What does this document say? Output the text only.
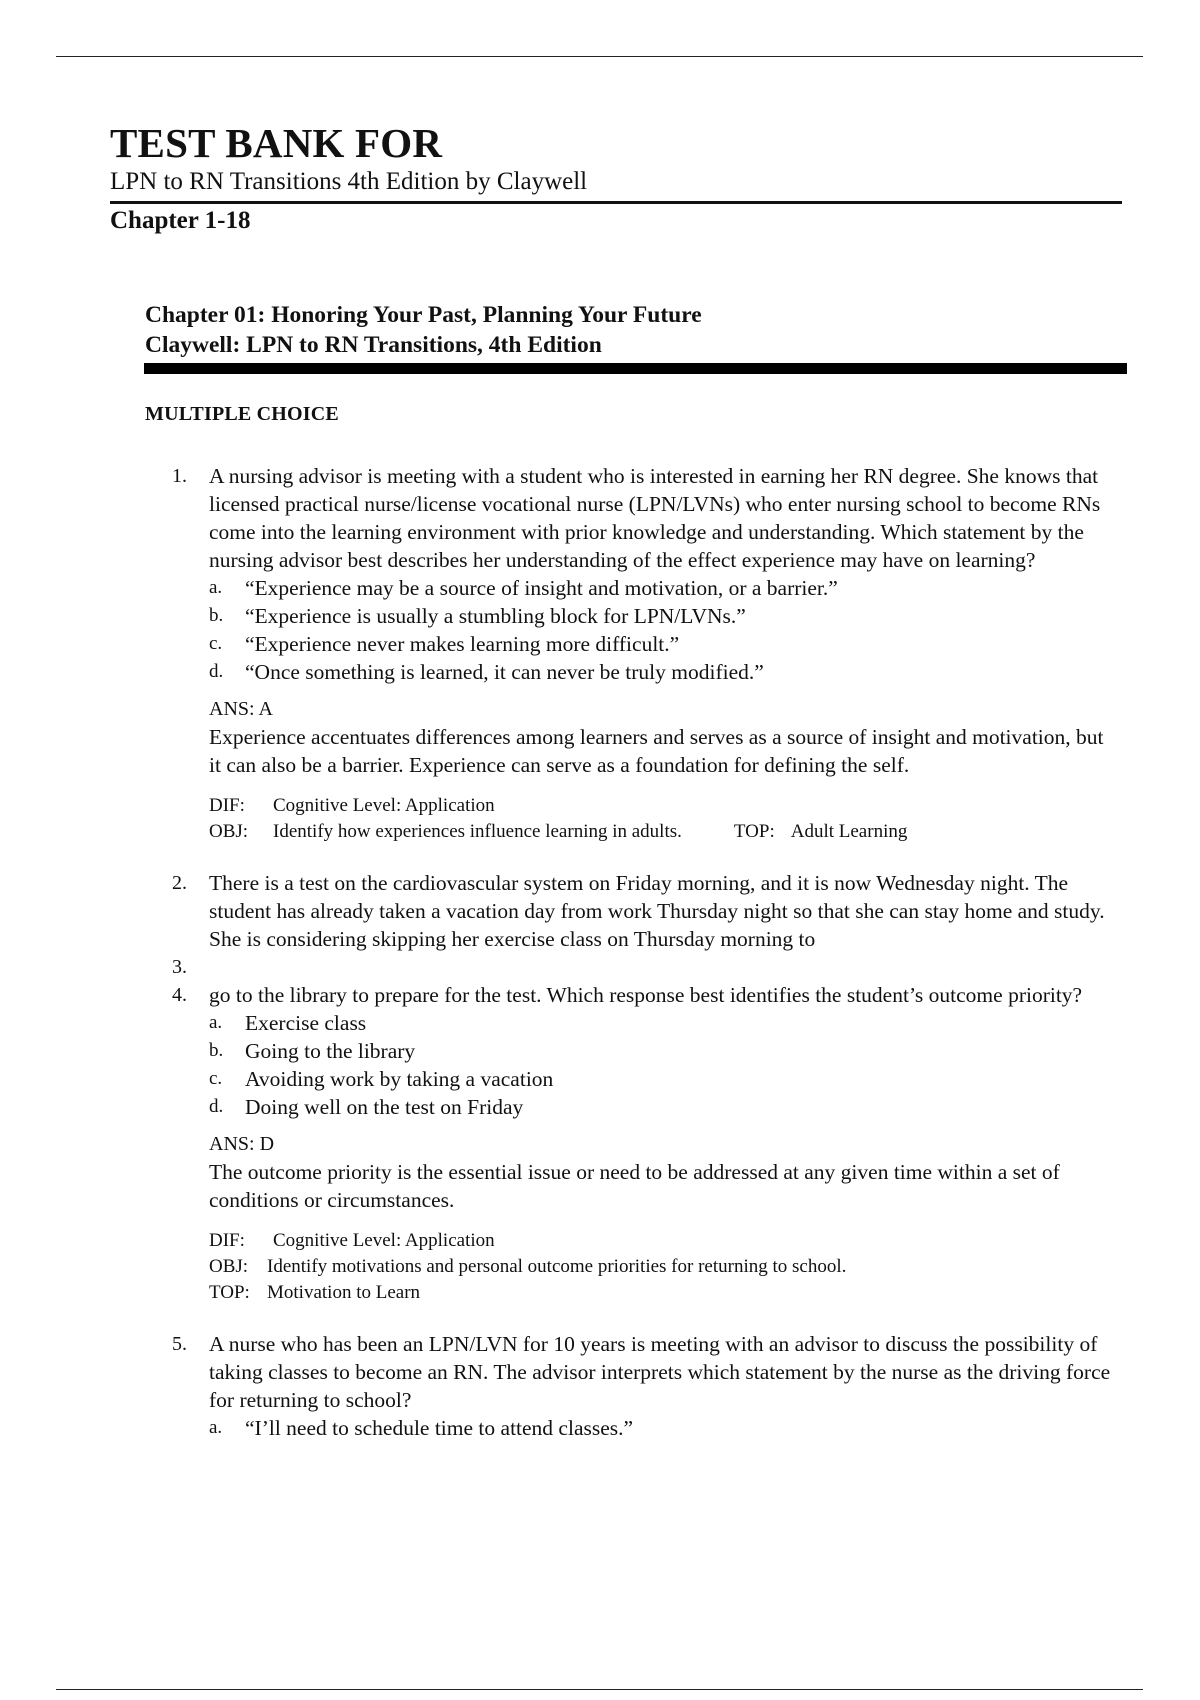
TEST BANK FOR
LPN to RN Transitions 4th Edition by Claywell
Chapter 1-18
Chapter 01: Honoring Your Past, Planning Your Future
Claywell: LPN to RN Transitions, 4th Edition
MULTIPLE CHOICE
1.	A nursing advisor is meeting with a student who is interested in earning her RN degree. She knows that licensed practical nurse/license vocational nurse (LPN/LVNs) who enter nursing school to become RNs come into the learning environment with prior knowledge and understanding. Which statement by the nursing advisor best describes her understanding of the effect experience may have on learning?

a.	“Experience may be a source of insight and motivation, or a barrier.”
b.	“Experience is usually a stumbling block for LPN/LVNs.”
c.	“Experience never makes learning more difficult.”
d.	“Once something is learned, it can never be truly modified.”
ANS: A

Experience accentuates differences among learners and serves as a source of insight and motivation, but it can also be a barrier. Experience can serve as a foundation for defining the self.

DIF:	Cognitive Level: Application
OBJ:	Identify how experiences influence learning in adults.	TOP: Adult Learning
2.	There is a test on the cardiovascular system on Friday morning, and it is now Wednesday night. The student has already taken a vacation day from work Thursday night so that she can stay home and study. She is considering skipping her exercise class on Thursday morning to

3.
4.	go to the library to prepare for the test. Which response best identifies the student’s outcome priority?

a.	Exercise class
b.	Going to the library
c.	Avoiding work by taking a vacation
d.	Doing well on the test on Friday
ANS: D

The outcome priority is the essential issue or need to be addressed at any given time within a set of conditions or circumstances.

DIF:	Cognitive Level: Application
OBJ: Identify motivations and personal outcome priorities for returning to school.
TOP: Motivation to Learn
5.	A nurse who has been an LPN/LVN for 10 years is meeting with an advisor to discuss the possibility of taking classes to become an RN. The advisor interprets which statement by the nurse as the driving force for returning to school?

a.	“I’ll need to schedule time to attend classes.”
